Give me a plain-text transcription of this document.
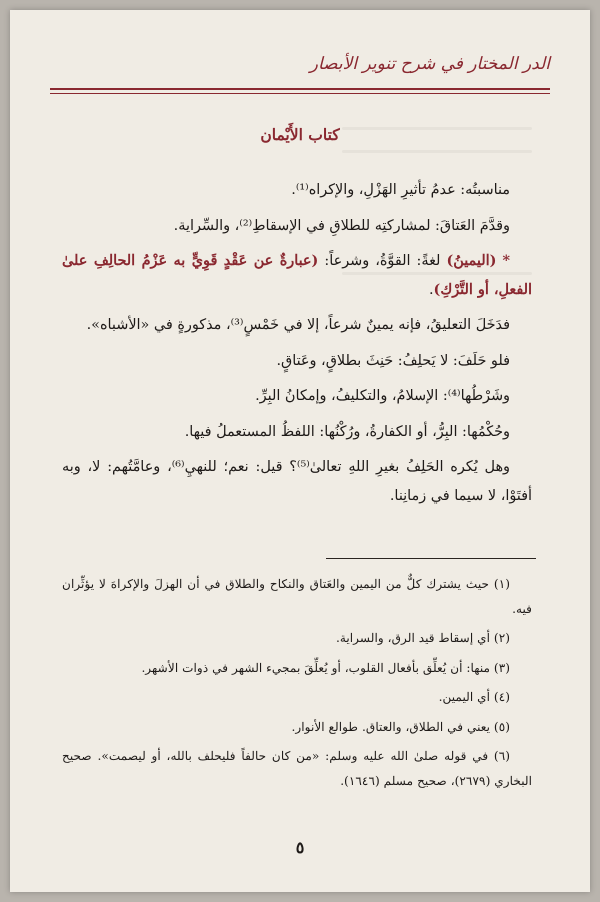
الدر المختار في شرح تنوير الأبصار
كتاب الأَيْمان

مناسبتُه: عدمُ تأثيرِ الهَزْلِ، والإكراه⁽¹⁾.

وقدَّمَ العَتاقَ: لمشاركتِه للطلاقِ في الإسقاطِ⁽²⁾، والسِّراية.

* (اليمينُ) لغةً: القوَّةُ، وشرعاً: (عبارةٌ عن عَقْدٍ قَوِيٍّ به عَزْمُ الحالِفِ علىٰ الفعلِ، أو التَّرْكِ).

فدَخَلَ التعليقُ، فإنه يمينٌ شرعاً، إلا في خَمْسٍ⁽³⁾، مذكورةٍ في «الأشباه».

فلو حَلَفَ: لا يَحلِفُ: حَنِثَ بطلاقٍ، وعَتاقٍ.

وشَرْطُها⁽⁴⁾: الإسلامُ، والتكليفُ، وإمكانُ البِرِّ.

وحُكْمُها: البِرُّ، أو الكفارةُ، ورُكْنُها: اللفظُ المستعملُ فيها.

وهل يُكره الحَلِفُ بغيرِ اللهِ تعالىٰ⁽⁵⁾؟ قيل: نعم؛ للنهيِ⁽⁶⁾، وعامَّتُهم: لا، وبه أفتَوْا، لا سيما في زمانِنا.

(١) حيث يشترك كلٌّ من اليمين والعَتاق والنكاح والطلاق في أن الهزلَ والإكراهَ لا يؤثِّران فيه.

(٢) أي إسقاط قيد الرق، والسراية.

(٣) منها: أن يُعلِّق بأفعال القلوب، أو يُعلِّقَ بمجيء الشهر في ذوات الأشهر.

(٤) أي اليمين.

(٥) يعني في الطلاق، والعتاق. طوالع الأنوار.

(٦) في قوله صلىٰ الله عليه وسلم: «من كان حالفاً فليحلف بالله، أو ليصمت». صحيح البخاري (٢٦٧٩)، صحيح مسلم (١٦٤٦).

٥
